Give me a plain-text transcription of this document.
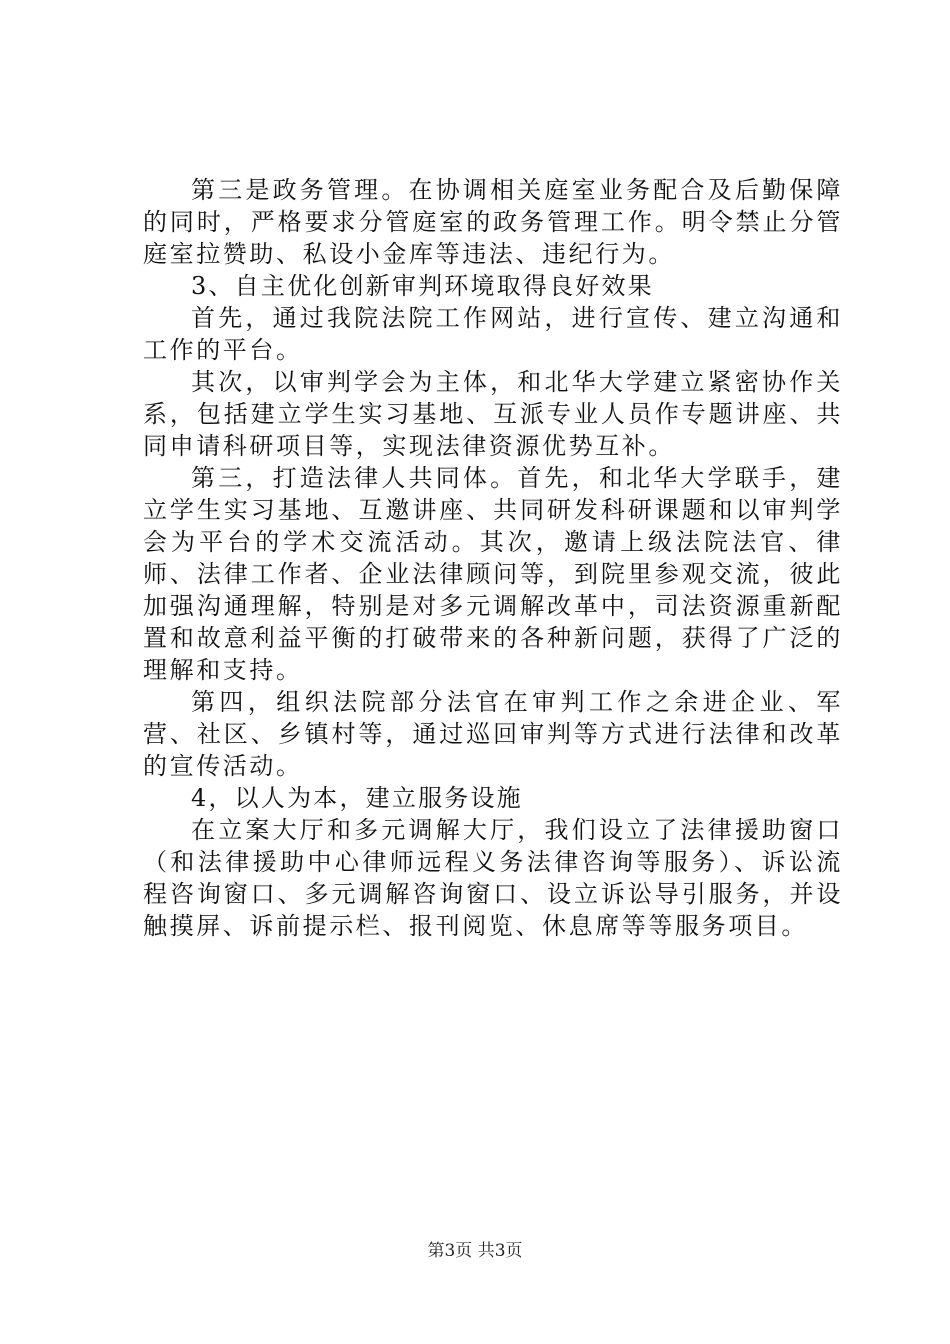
第三是政务管理。在协调相关庭室业务配合及后勤保障的同时，严格要求分管庭室的政务管理工作。明令禁止分管庭室拉赞助、私设小金库等违法、违纪行为。

3、自主优化创新审判环境取得良好效果

首先，通过我院法院工作网站，进行宣传、建立沟通和工作的平台。

其次，以审判学会为主体，和北华大学建立紧密协作关系，包括建立学生实习基地、互派专业人员作专题讲座、共同申请科研项目等，实现法律资源优势互补。

第三，打造法律人共同体。首先，和北华大学联手，建立学生实习基地、互邀讲座、共同研发科研课题和以审判学会为平台的学术交流活动。其次，邀请上级法院法官、律师、法律工作者、企业法律顾问等，到院里参观交流，彼此加强沟通理解，特别是对多元调解改革中，司法资源重新配置和故意利益平衡的打破带来的各种新问题，获得了广泛的理解和支持。

第四，组织法院部分法官在审判工作之余进企业、军营、社区、乡镇村等，通过巡回审判等方式进行法律和改革的宣传活动。

4，以人为本，建立服务设施

在立案大厅和多元调解大厅，我们设立了法律援助窗口（和法律援助中心律师远程义务法律咨询等服务）、诉讼流程咨询窗口、多元调解咨询窗口、设立诉讼导引服务，并设触摸屏、诉前提示栏、报刊阅览、休息席等等服务项目。

第3页 共3页
